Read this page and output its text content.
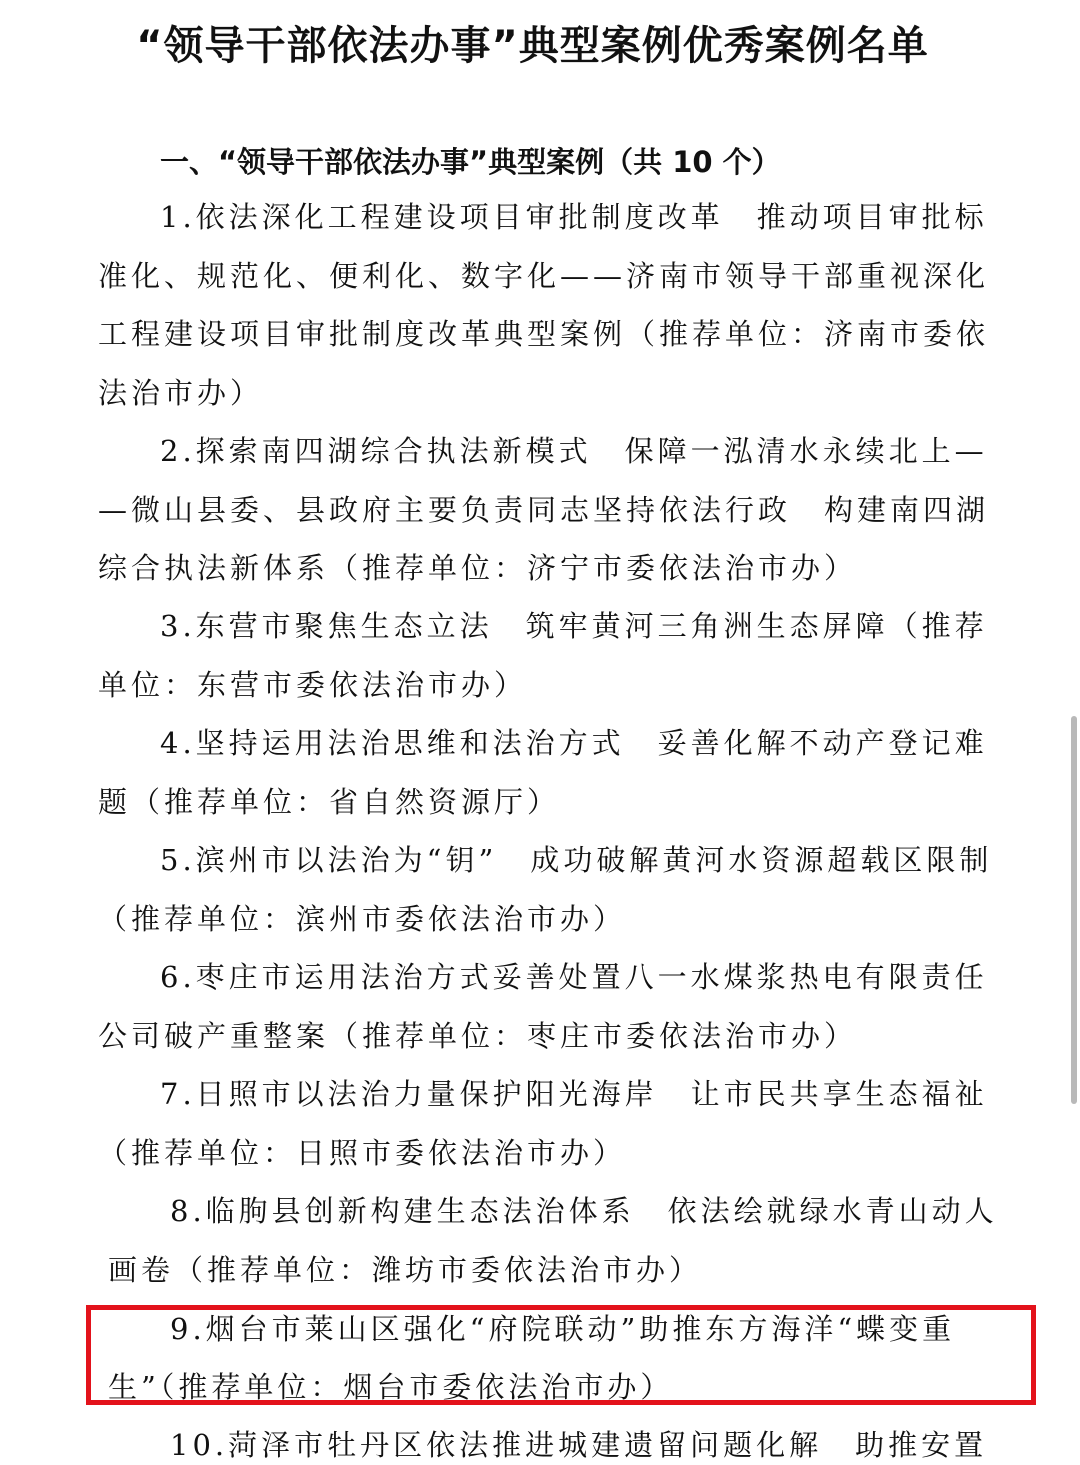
“领导干部依法办事”典型案例优秀案例名单
一、“领导干部依法办事”典型案例（共 10 个）
1.依法深化工程建设项目审批制度改革　推动项目审批标
准化、规范化、便利化、数字化——济南市领导干部重视深化
工程建设项目审批制度改革典型案例（推荐单位：济南市委依
法治市办）
2.探索南四湖综合执法新模式　保障一泓清水永续北上—
—微山县委、县政府主要负责同志坚持依法行政　构建南四湖
综合执法新体系（推荐单位：济宁市委依法治市办）
3.东营市聚焦生态立法　筑牢黄河三角洲生态屏障（推荐
单位：东营市委依法治市办）
4.坚持运用法治思维和法治方式　妥善化解不动产登记难
题（推荐单位：省自然资源厅）
5.滨州市以法治为“钥”　成功破解黄河水资源超载区限制
（推荐单位：滨州市委依法治市办）
6.枣庄市运用法治方式妥善处置八一水煤浆热电有限责任
公司破产重整案（推荐单位：枣庄市委依法治市办）
7.日照市以法治力量保护阳光海岸　让市民共享生态福祉
（推荐单位：日照市委依法治市办）
8.临朐县创新构建生态法治体系　依法绘就绿水青山动人
画卷（推荐单位：潍坊市委依法治市办）
9.烟台市莱山区强化“府院联动”助推东方海洋“蝶变重
生”（推荐单位：烟台市委依法治市办）
10.菏泽市牡丹区依法推进城建遗留问题化解　助推安置
